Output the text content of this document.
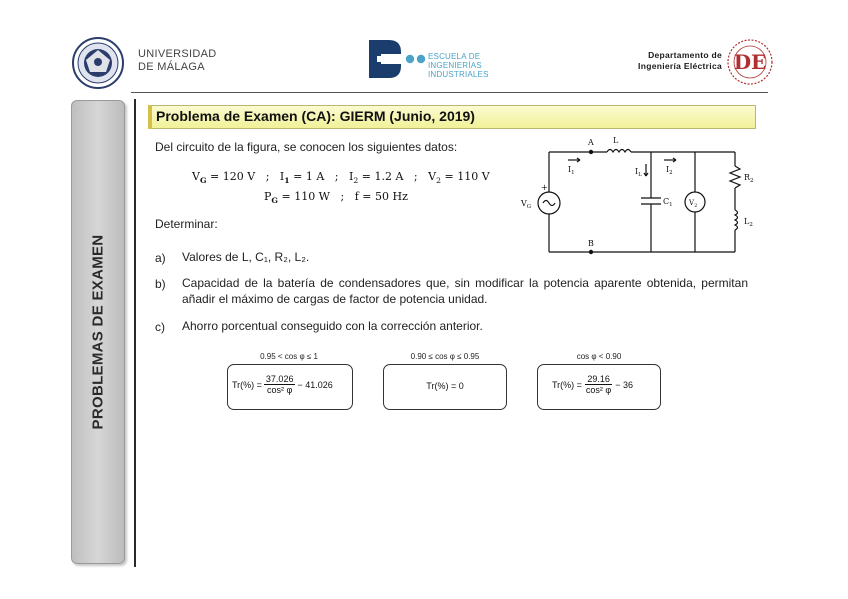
UNIVERSIDAD
DE MÁLAGA
ESCUELA DE
INGENIERÍAS
INDUSTRIALES
Departamento de
Ingeniería Eléctrica DE
PROBLEMAS DE EXAMEN
Problema de Examen (CA): GIERM (Junio, 2019)
Del circuito de la figura, se conocen los siguientes datos:
$V_G = 120$ V ; $I_1 = 1$ A ; $I_2 = 1.2$ A ; $V_2 = 110$ V
$P_G = 110$ W ; f = 50 Hz
Determinar:
a) Valores de L, C₁, R₂, L₂.
b) Capacidad de la batería de condensadores que, sin modificar la potencia aparente obtenida, permitan añadir el máximo de cargas de factor de potencia unidad.
c) Ahorro porcentual conseguido con la corrección anterior.
A
B
L
$V_G$
+
$I_1$	$I_L$
$I_2$
$C_1$ $V_2$
$R_2$
$L_2$
0.95 < cos φ ≤ 1
$Tr(\%) = \frac{37.026}{\text{cos² φ}} - 41.026$
0.90 ≤ cos φ ≤ 0.95
Tr(%) = 0
cos φ < 0.90
$Tr(\%) = \frac{29.16}{\text{cos² φ}} - 36$
